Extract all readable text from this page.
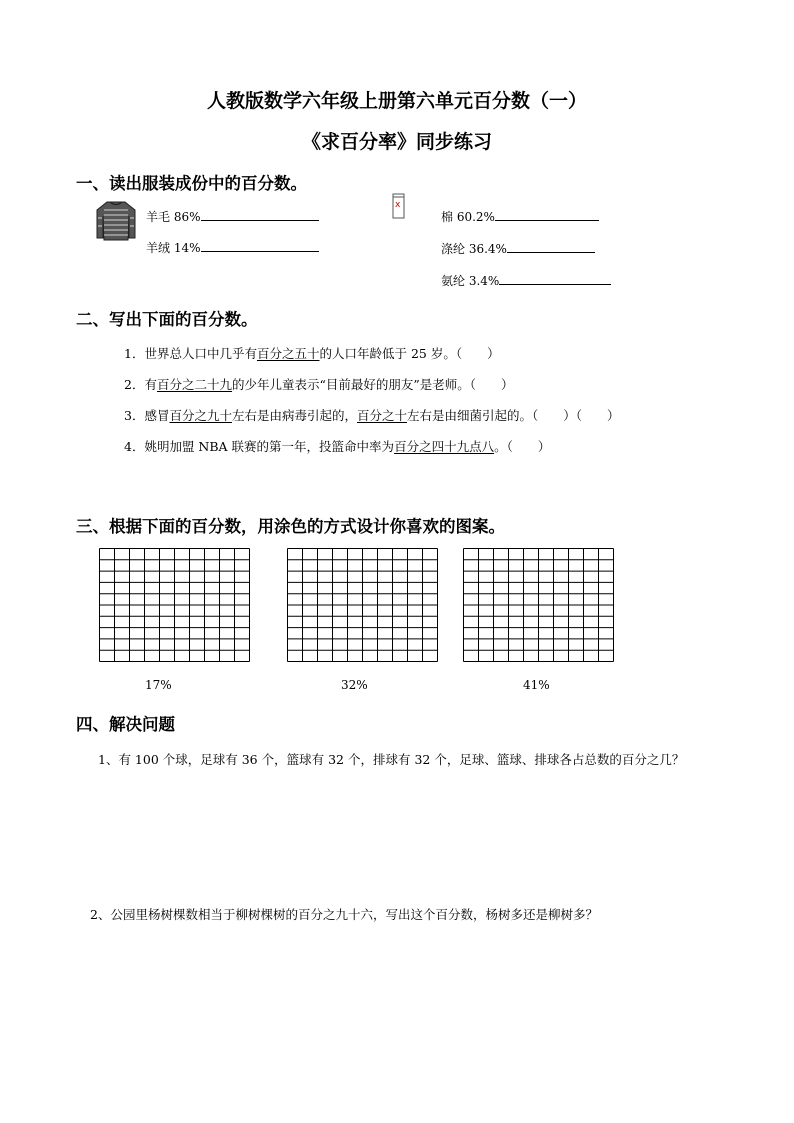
人教版数学六年级上册第六单元百分数（一）
《求百分率》同步练习
一、读出服装成份中的百分数。
羊毛 86%
羊绒 14%
x
棉 60.2%
涤纶 36.4%
氨纶 3.4%
二、写出下面的百分数。
1．世界总人口中几乎有百分之五十的人口年龄低于 25 岁。（　　）
2．有百分之二十九的少年儿童表示“目前最好的朋友”是老师。（　　）
3．感冒百分之九十左右是由病毒引起的，百分之十左右是由细菌引起的。（　　）（　　）
4．姚明加盟 NBA 联赛的第一年，投篮命中率为百分之四十九点八。（　　）
三、根据下面的百分数，用涂色的方式设计你喜欢的图案。
17%	32%	41%
四、解决问题
1、有 100 个球，足球有 36 个，篮球有 32 个，排球有 32 个，足球、篮球、排球各占总数的百分之几？
2、公园里杨树棵数相当于柳树棵树的百分之九十六，写出这个百分数，杨树多还是柳树多？
